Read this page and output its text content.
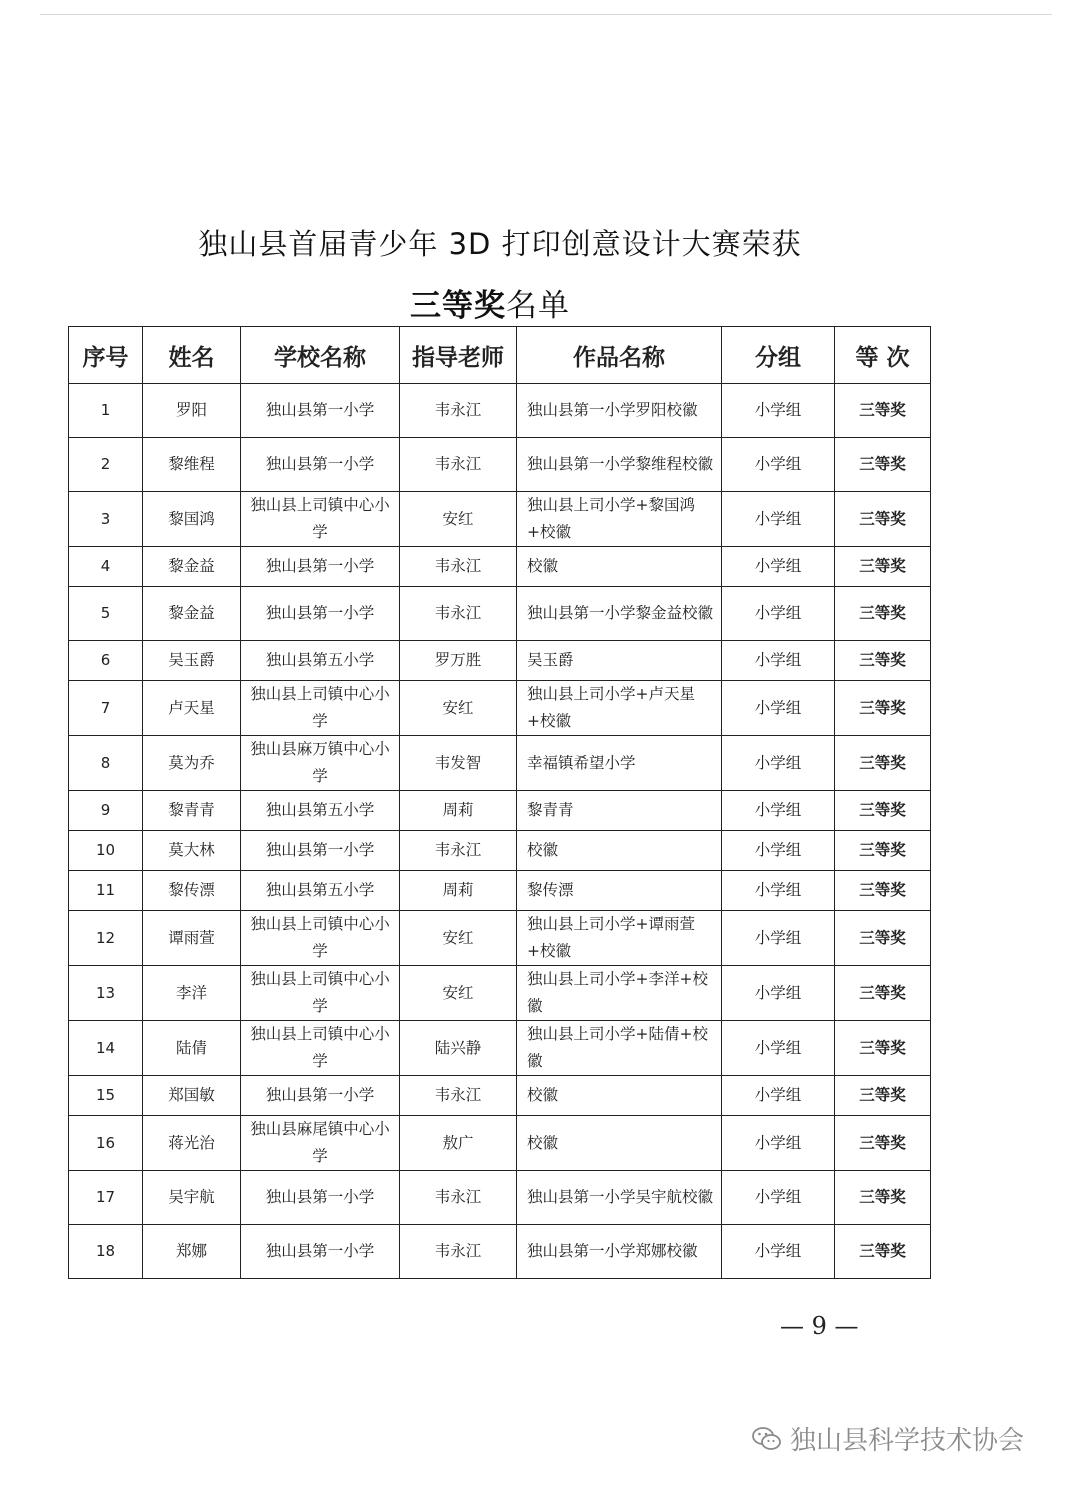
独山县首届青少年 3D 打印创意设计大赛荣获
三等奖名单
序号	姓名	学校名称	指导老师	作品名称	分组	等 次
1	罗阳	独山县第一小学	韦永江	独山县第一小学罗阳校徽	小学组	三等奖
2	黎维程	独山县第一小学	韦永江	独山县第一小学黎维程校徽	小学组	三等奖
3	黎国鸿	独山县上司镇中心小学	安红	独山县上司小学+黎国鸿+校徽	小学组	三等奖
4	黎金益	独山县第一小学	韦永江	校徽	小学组	三等奖
5	黎金益	独山县第一小学	韦永江	独山县第一小学黎金益校徽	小学组	三等奖
6	吴玉爵	独山县第五小学	罗万胜	吴玉爵	小学组	三等奖
7	卢天星	独山县上司镇中心小学	安红	独山县上司小学+卢天星+校徽	小学组	三等奖
8	莫为乔	独山县麻万镇中心小学	韦发智	幸福镇希望小学	小学组	三等奖
9	黎青青	独山县第五小学	周莉	黎青青	小学组	三等奖
10	莫大林	独山县第一小学	韦永江	校徽	小学组	三等奖
11	黎传漂	独山县第五小学	周莉	黎传漂	小学组	三等奖
12	谭雨萱	独山县上司镇中心小学	安红	独山县上司小学+谭雨萱+校徽	小学组	三等奖
13	李洋	独山县上司镇中心小学	安红	独山县上司小学+李洋+校徽	小学组	三等奖
14	陆倩	独山县上司镇中心小学	陆兴静	独山县上司小学+陆倩+校徽	小学组	三等奖
15	郑国敏	独山县第一小学	韦永江	校徽	小学组	三等奖
16	蒋光治	独山县麻尾镇中心小学	敖广	校徽	小学组	三等奖
17	吴宇航	独山县第一小学	韦永江	独山县第一小学吴宇航校徽	小学组	三等奖
18	郑娜	独山县第一小学	韦永江	独山县第一小学郑娜校徽	小学组	三等奖
— 9 —
独山县科学技术协会
